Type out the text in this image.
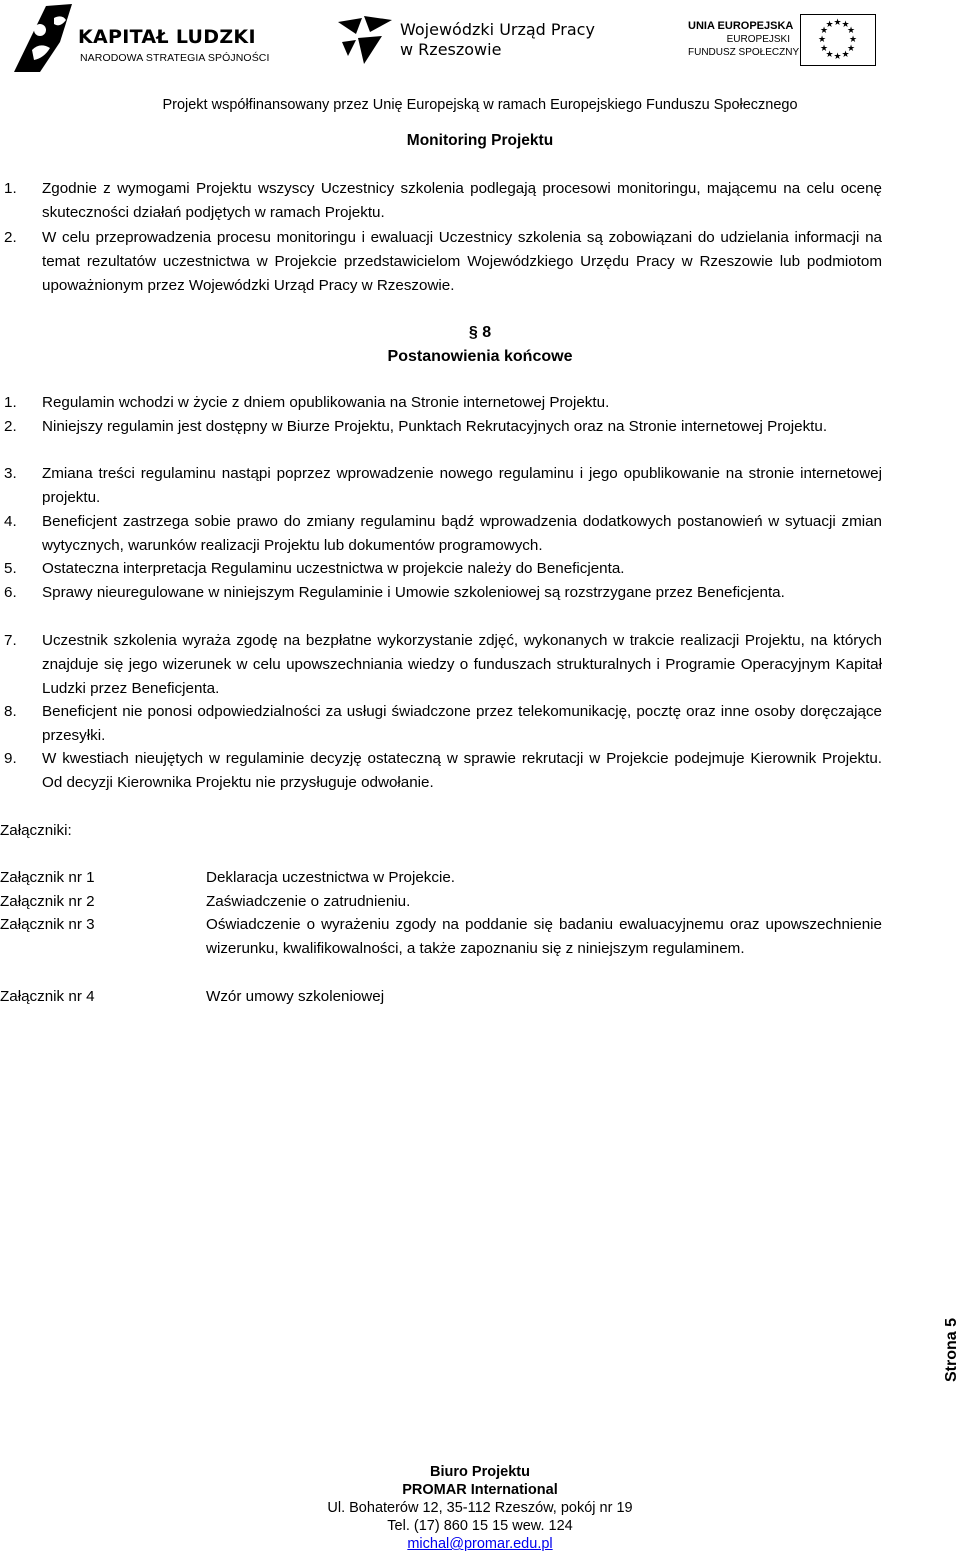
KAPITAŁ LUDZKI
NARODOWA STRATEGIA SPÓJNOŚCI
Wojewódzki Urząd Pracy
w Rzeszowie
UNIA EUROPEJSKA
EUROPEJSKI
FUNDUSZ SPOŁECZNY
★ ★
★
★
★
★
★
★
★
★
★
★
Projekt współfinansowany przez Unię Europejską w ramach Europejskiego Funduszu Społecznego
Monitoring Projektu
1.	Zgodnie z wymogami Projektu wszyscy Uczestnicy szkolenia podlegają procesowi monitoringu, mającemu na celu ocenę skuteczności działań podjętych w ramach Projektu.
2.	W celu przeprowadzenia procesu monitoringu i ewaluacji Uczestnicy szkolenia są zobowiązani do udzielania informacji na temat rezultatów uczestnictwa w Projekcie przedstawicielom Wojewódzkiego Urzędu Pracy w Rzeszowie lub podmiotom upoważnionym przez Wojewódzki Urząd Pracy w Rzeszowie.
§ 8
Postanowienia końcowe
1.	Regulamin wchodzi w życie z dniem opublikowania na Stronie internetowej Projektu.
2.	Niniejszy regulamin jest dostępny w Biurze Projektu, Punktach Rekrutacyjnych oraz na Stronie internetowej Projektu.
3.	Zmiana treści regulaminu nastąpi poprzez wprowadzenie nowego regulaminu i jego opublikowanie na stronie internetowej projektu.
4.	Beneficjent zastrzega sobie prawo do zmiany regulaminu bądź wprowadzenia dodatkowych postanowień w sytuacji zmian wytycznych, warunków realizacji Projektu lub dokumentów programowych.
5.	Ostateczna interpretacja Regulaminu uczestnictwa w projekcie należy do Beneficjenta.
6.	Sprawy nieuregulowane w niniejszym Regulaminie i Umowie szkoleniowej są rozstrzygane przez Beneficjenta.
7.	Uczestnik szkolenia wyraża zgodę na bezpłatne wykorzystanie zdjęć, wykonanych w trakcie realizacji Projektu, na których znajduje się jego wizerunek w celu upowszechniania wiedzy o funduszach strukturalnych i Programie Operacyjnym Kapitał Ludzki przez Beneficjenta.
8.	Beneficjent nie ponosi odpowiedzialności za usługi świadczone przez telekomunikację, pocztę oraz inne osoby doręczające przesyłki.
9.	W kwestiach nieujętych w regulaminie decyzję ostateczną w sprawie rekrutacji w Projekcie podejmuje Kierownik Projektu. Od decyzji Kierownika Projektu nie przysługuje odwołanie.
Załączniki:
Załącznik nr 1	Deklaracja uczestnictwa w Projekcie.
Załącznik nr 2	Zaświadczenie o zatrudnieniu.
Załącznik nr 3	Oświadczenie o wyrażeniu zgody na poddanie się badaniu ewaluacyjnemu oraz upowszechnienie wizerunku, kwalifikowalności, a także zapoznaniu się z niniejszym regulaminem.
Załącznik nr 4	Wzór umowy szkoleniowej
Strona 5
Biuro Projektu
PROMAR International
Ul. Bohaterów 12, 35-112 Rzeszów, pokój nr 19
Tel. (17) 860 15 15 wew. 124
michal@promar.edu.pl
